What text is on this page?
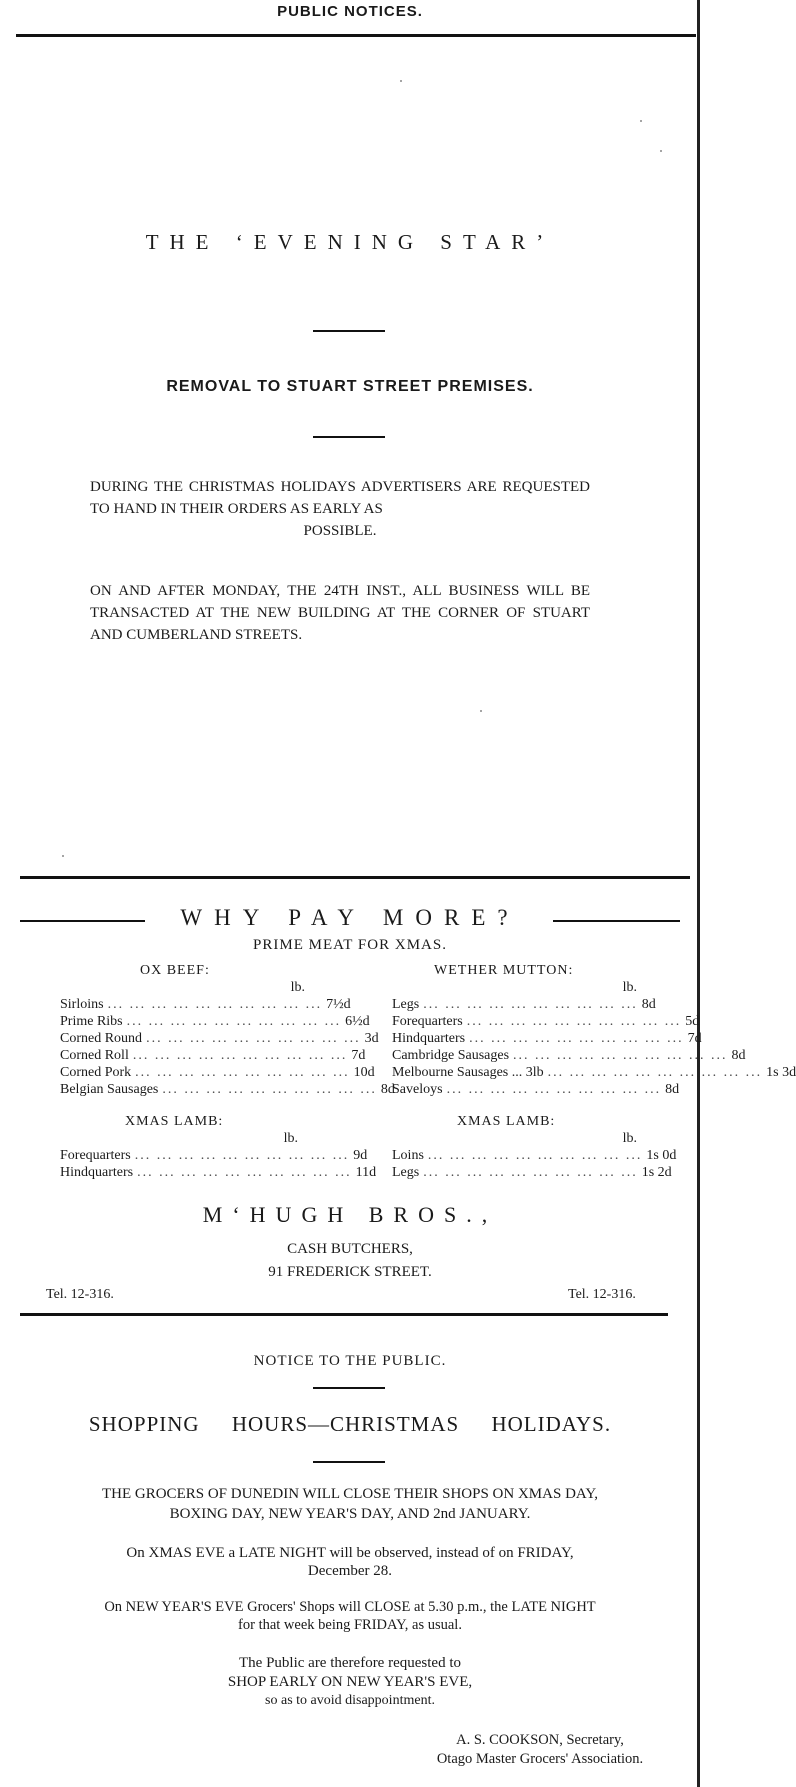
PUBLIC NOTICES.
THE ‘EVENING STAR’
REMOVAL TO STUART STREET PREMISES.
DURING THE CHRISTMAS HOLIDAYS ADVERTISERS ARE REQUESTED TO HAND IN THEIR ORDERS AS EARLY AS
POSSIBLE.
ON AND AFTER MONDAY, THE 24TH INST., ALL BUSINESS WILL BE TRANSACTED AT THE NEW BUILDING AT THE CORNER OF STUART AND CUMBERLAND STREETS.
WHY PAY MORE?
PRIME MEAT FOR XMAS.
OX BEEF:
lb.
Sirloins ... ... ... ... ... ... ... ... ... ... 7½d
Prime Ribs ... ... ... ... ... ... ... ... ... ... 6½d
Corned Round ... ... ... ... ... ... ... ... ... ... 3d
Corned Roll ... ... ... ... ... ... ... ... ... ... 7d
Corned Pork ... ... ... ... ... ... ... ... ... ... 10d
Belgian Sausages ... ... ... ... ... ... ... ... ... ... 8d
WETHER MUTTON:
lb.
Legs ... ... ... ... ... ... ... ... ... ... 8d
Forequarters ... ... ... ... ... ... ... ... ... ... 5d
Hindquarters ... ... ... ... ... ... ... ... ... ... 7d
Cambridge Sausages ... ... ... ... ... ... ... ... ... ... 8d
Melbourne Sausages ... 3lb ... ... ... ... ... ... ... ... ... ... 1s 3d
Saveloys ... ... ... ... ... ... ... ... ... ... 8d
XMAS LAMB:
lb.
Forequarters ... ... ... ... ... ... ... ... ... ... 9d
Hindquarters ... ... ... ... ... ... ... ... ... ... 11d
XMAS LAMB:
lb.
Loins ... ... ... ... ... ... ... ... ... ... 1s 0d
Legs ... ... ... ... ... ... ... ... ... ... 1s 2d
M‘HUGH BROS.,
CASH BUTCHERS,
91 FREDERICK STREET.
Tel. 12-316.	Tel. 12-316.
NOTICE TO THE PUBLIC.
SHOPPING HOURS—CHRISTMAS HOLIDAYS.
THE GROCERS OF DUNEDIN WILL CLOSE THEIR SHOPS ON XMAS DAY,
BOXING DAY, NEW YEAR'S DAY, AND 2nd JANUARY.
On XMAS EVE a LATE NIGHT will be observed, instead of on FRIDAY,
December 28.
On NEW YEAR'S EVE Grocers' Shops will CLOSE at 5.30 p.m., the LATE NIGHT
for that week being FRIDAY, as usual.
The Public are therefore requested to
SHOP EARLY ON NEW YEAR'S EVE,
so as to avoid disappointment.
A. S. COOKSON, Secretary,
Otago Master Grocers' Association.
